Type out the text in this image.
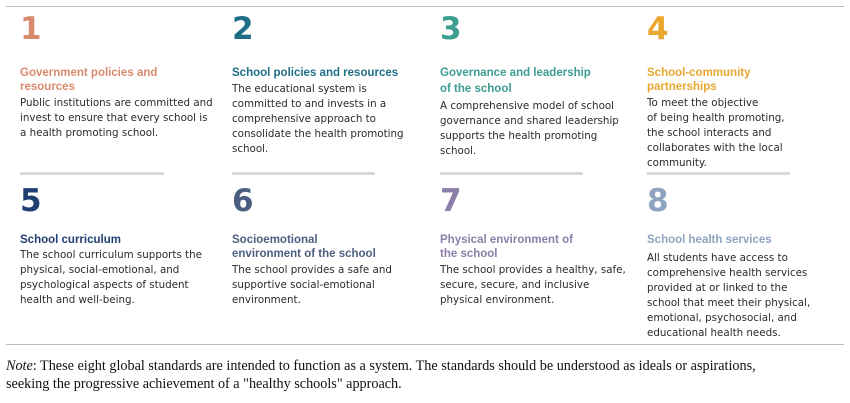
1
Government policies and
resources
Public institutions are committed and
invest to ensure that every school is
a health promoting school.
2
School policies and resources
The educational system is
committed to and invests in a
comprehensive approach to
consolidate the health promoting
school.
3
Governance and leadership
of the school
A comprehensive model of school
governance and shared leadership
supports the health promoting
school.
4
School-community
partnerships
To meet the objective
of being health promoting,
the school interacts and
collaborates with the local
community.
5
School curriculum
The school curriculum supports the
physical, social-emotional, and
psychological aspects of student
health and well-being.
6
Socioemotional
environment of the school
The school provides a safe and
supportive social-emotional
environment.
7
Physical environment of
the school
The school provides a healthy, safe,
secure, secure, and inclusive
physical environment.
8
School health services
All students have access to
comprehensive health services
provided at or linked to the
school that meet their physical,
emotional, psychosocial, and
educational health needs.
Note: These eight global standards are intended to function as a system. The standards should be understood as ideals or aspirations,
seeking the progressive achievement of a "healthy schools" approach.
